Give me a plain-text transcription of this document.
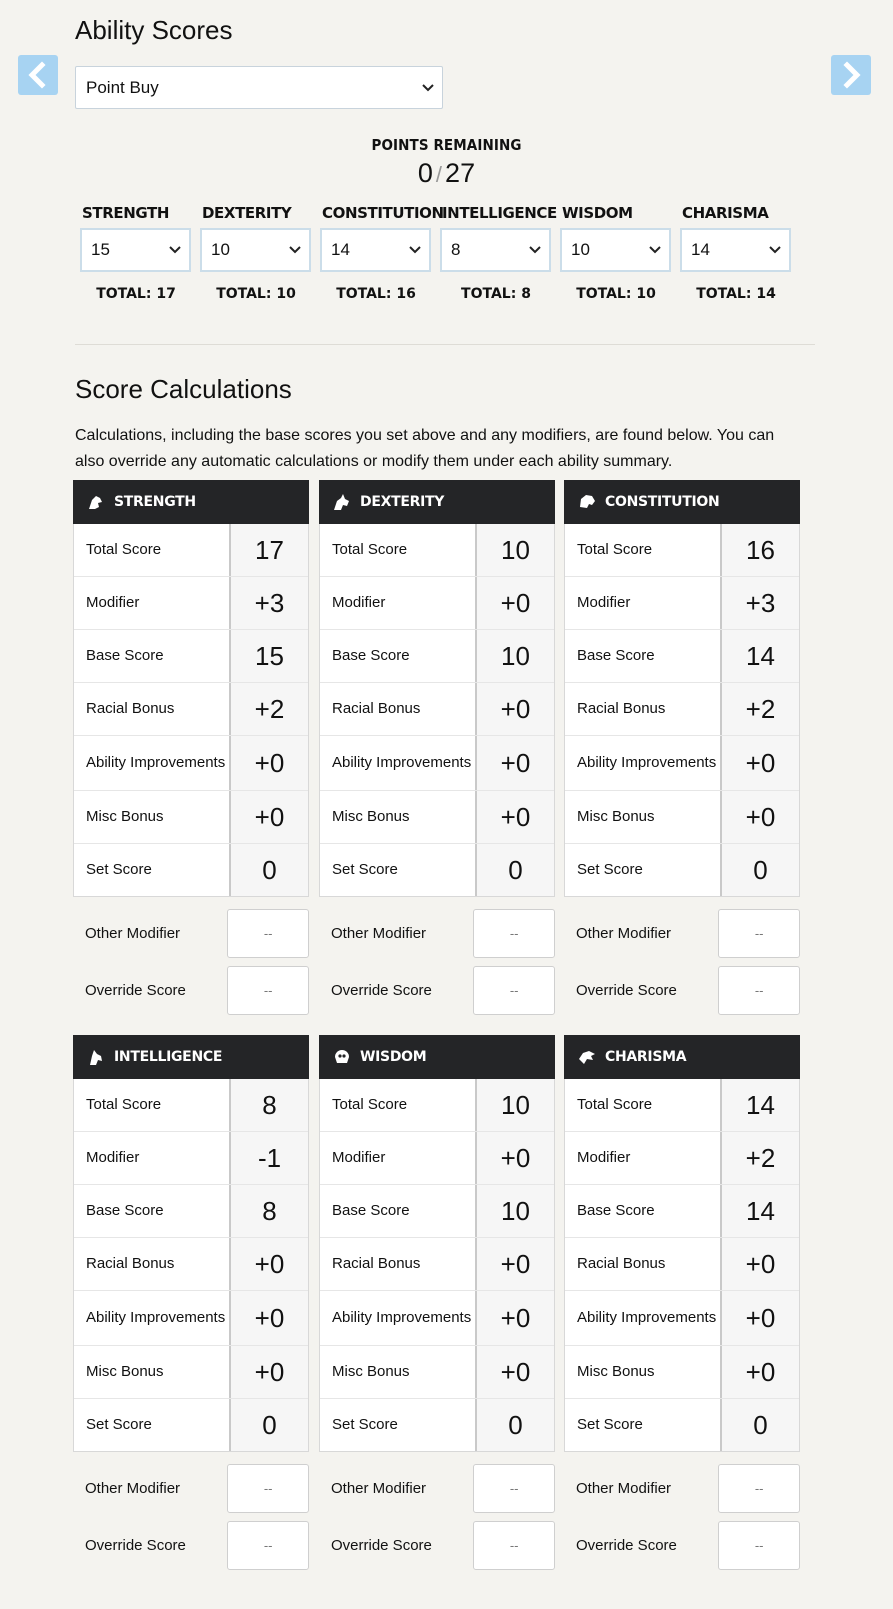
Ability Scores
Point Buy
POINTS REMAINING
0 / 27
STRENGTH
15
TOTAL: 17
DEXTERITY
10
TOTAL: 10
CONSTITUTION
14
TOTAL: 16
INTELLIGENCE
8
TOTAL: 8
WISDOM
10
TOTAL: 10
CHARISMA
14
TOTAL: 14
Score Calculations
Calculations, including the base scores you set above and any modifiers, are found below. You can also override any automatic calculations or modify them under each ability summary.
STRENGTH
Total Score	17
Modifier	+3
Base Score	15
Racial Bonus	+2
Ability Improvements	+0
Misc Bonus	+0
Set Score	0
Other Modifier	--
Override Score	--
DEXTERITY
Total Score	10
Modifier	+0
Base Score	10
Racial Bonus	+0
Ability Improvements	+0
Misc Bonus	+0
Set Score	0
Other Modifier	--
Override Score	--
CONSTITUTION
Total Score	16
Modifier	+3
Base Score	14
Racial Bonus	+2
Ability Improvements	+0
Misc Bonus	+0
Set Score	0
Other Modifier	--
Override Score	--
INTELLIGENCE
Total Score	8
Modifier	-1
Base Score	8
Racial Bonus	+0
Ability Improvements	+0
Misc Bonus	+0
Set Score	0
Other Modifier	--
Override Score	--
WISDOM
Total Score	10
Modifier	+0
Base Score	10
Racial Bonus	+0
Ability Improvements	+0
Misc Bonus	+0
Set Score	0
Other Modifier	--
Override Score	--
CHARISMA
Total Score	14
Modifier	+2
Base Score	14
Racial Bonus	+0
Ability Improvements	+0
Misc Bonus	+0
Set Score	0
Other Modifier	--
Override Score	--
